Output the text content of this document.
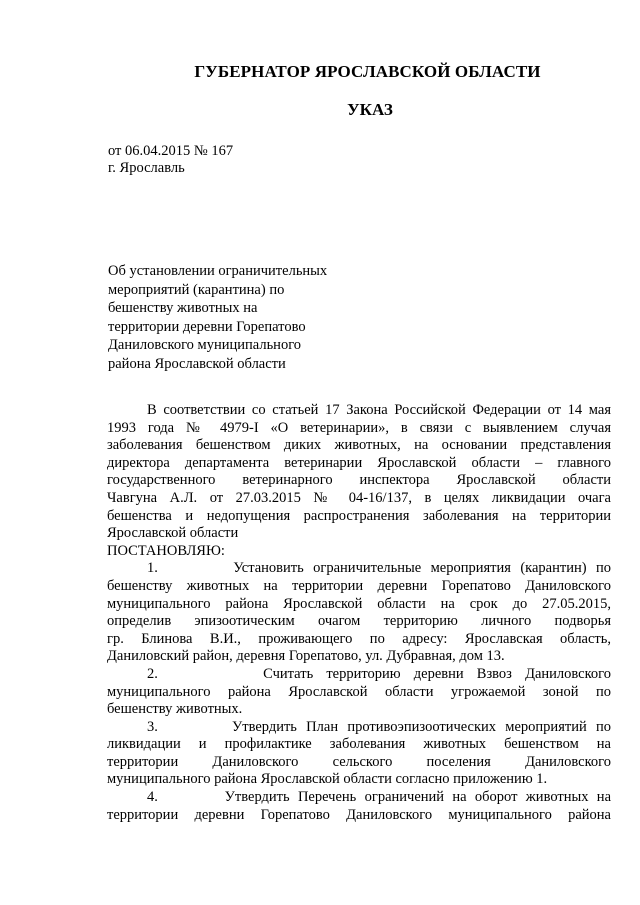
ГУБЕРНАТОР ЯРОСЛАВСКОЙ ОБЛАСТИ
УКАЗ
от 06.04.2015 № 167
г. Ярославль
Об установлении ограничительных
мероприятий (карантина) по
бешенству животных на
территории деревни Горепатово
Даниловского муниципального
района Ярославской области
В соответствии со статьей 17 Закона Российской Федерации от 14 мая
1993 года № 4979-I «О ветеринарии», в связи с выявлением случая
заболевания бешенством диких животных, на основании представления
директора департамента ветеринарии Ярославской области – главного
государственного ветеринарного инспектора Ярославской области
Чавгуна А.Л. от 27.03.2015 № 04-16/137, в целях ликвидации очага
бешенства и недопущения распространения заболевания на территории
Ярославской области
ПОСТАНОВЛЯЮ:
1.	Установить ограничительные мероприятия (карантин) по
бешенству животных на территории деревни Горепатово Даниловского
муниципального района Ярославской области на срок до 27.05.2015,
определив эпизоотическим очагом территорию личного подворья
гр. Блинова В.И., проживающего по адресу: Ярославская область,
Даниловский район, деревня Горепатово, ул. Дубравная, дом 13.
2.	Считать территорию деревни Взвоз Даниловского
муниципального района Ярославской области угрожаемой зоной по
бешенству животных.
3.	Утвердить План противоэпизоотических мероприятий по
ликвидации и профилактике заболевания животных бешенством на
территории Даниловского сельского поселения Даниловского
муниципального района Ярославской области согласно приложению 1.
4.	Утвердить Перечень ограничений на оборот животных на
территории деревни Горепатово Даниловского муниципального района
